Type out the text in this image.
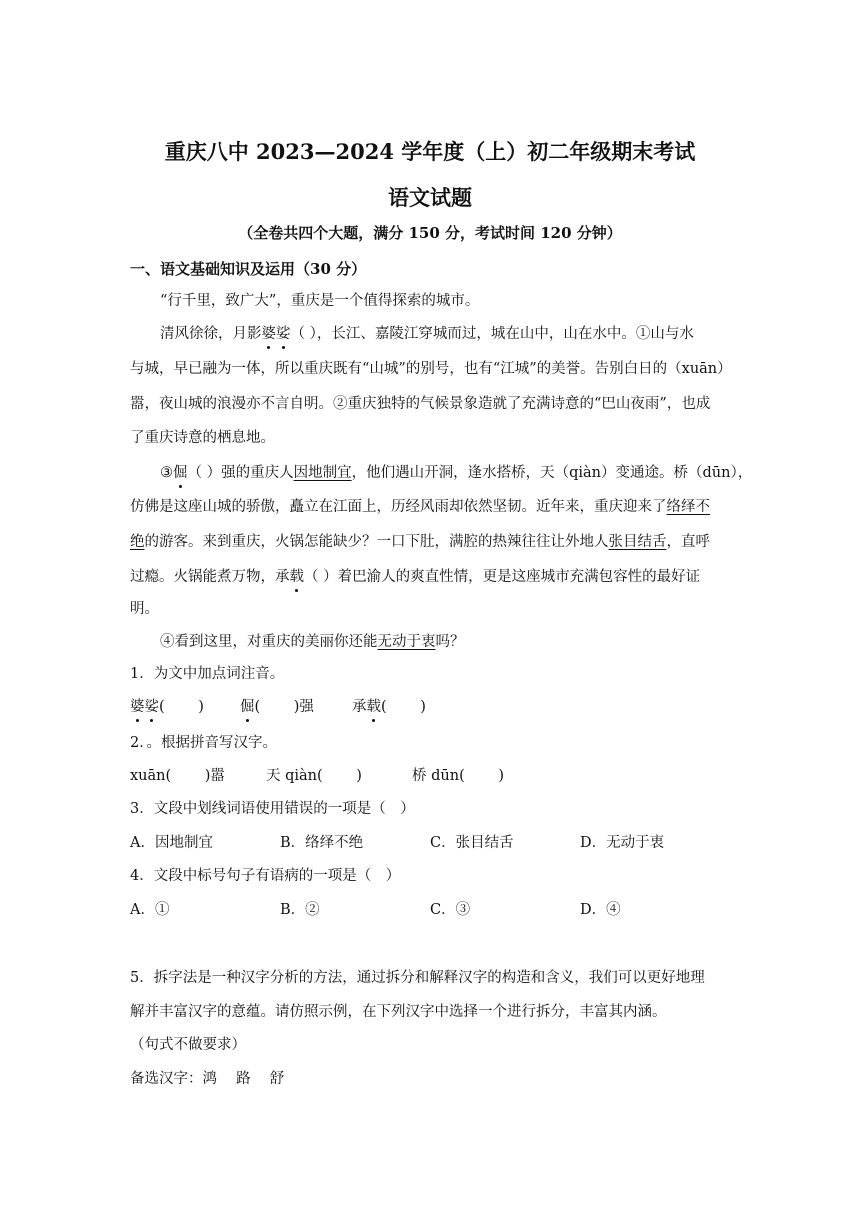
重庆八中 2023—2024 学年度（上）初二年级期末考试
语文试题
（全卷共四个大题，满分 150 分，考试时间 120 分钟）
一、语文基础知识及运用（30 分）
“行千里，致广大”，重庆是一个值得探索的城市。
清风徐徐，月影婆娑（ ），长江、嘉陵江穿城而过，城在山中，山在水中。①山与水
与城，早已融为一体，所以重庆既有“山城”的别号，也有“江城”的美誉。告别白日的（xuān）
嚣，夜山城的浪漫亦不言自明。②重庆独特的气候景象造就了充满诗意的“巴山夜雨”，也成
了重庆诗意的栖息地。
③倔（ ）强的重庆人因地制宜，他们遇山开洞，逢水搭桥，天（qiàn）变通途。桥（dūn），
仿佛是这座山城的骄傲，矗立在江面上，历经风雨却依然坚韧。近年来，重庆迎来了络绎不
绝的游客。来到重庆，火锅怎能缺少？一口下肚，满腔的热辣往往让外地人张目结舌，直呼
过瘾。火锅能煮万物，承载（ ）着巴渝人的爽直性情，更是这座城市充满包容性的最好证
明。
④看到这里，对重庆的美丽你还能无动于衷吗？
1．为文中加点词注音。
婆娑(　　 ) 倔(　　 )强	承载(　　 )
2．。根据拼音写汉字。
xuān(　　 )嚣	天 qiàn(　　 )	桥 dūn(　　 )
3．文段中划线词语使用错误的一项是（　）
A．因地制宜	B．络绎不绝	C．张目结舌	D．无动于衷
4．文段中标号句子有语病的一项是（　）
A．①	B．②	C．③	D．④
5．拆字法是一种汉字分析的方法，通过拆分和解释汉字的构造和含义，我们可以更好地理
解并丰富汉字的意蕴。请仿照示例，在下列汉字中选择一个进行拆分，丰富其内涵。
（句式不做要求）
备选汉字：鸿　 路　 舒
